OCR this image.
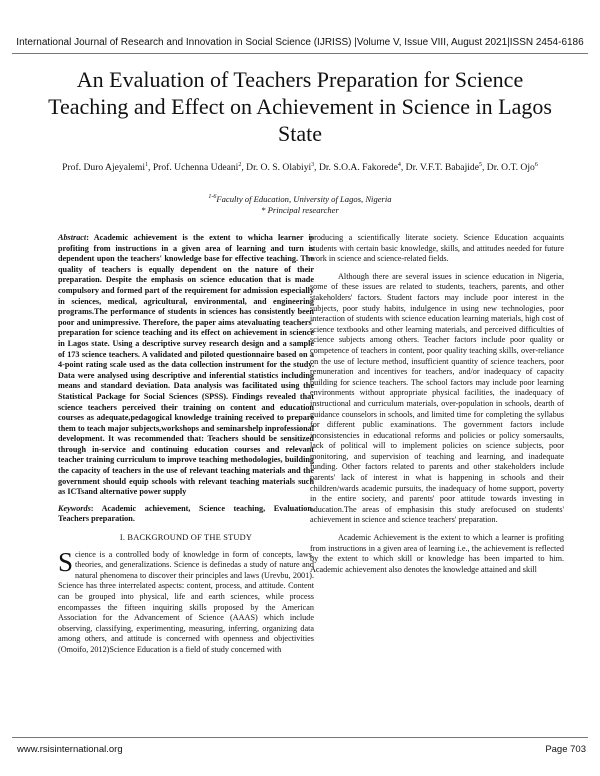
International Journal of Research and Innovation in Social Science (IJRISS) |Volume V, Issue VIII, August 2021|ISSN 2454-6186
An Evaluation of Teachers Preparation for Science Teaching and Effect on Achievement in Science in Lagos State
Prof. Duro Ajeyalemi$^1$, Prof. Uchenna Udeani$^2$, Dr. O. S. Olabiyi$^3$, Dr. S.O.A. Fakorede$^4$, Dr. V.F.T. Babajide$^5$, Dr. O.T. Ojo$^6$
$^{1-6}$Faculty of Education, University of Lagos, Nigeria
* Principal researcher

Abstract: Academic achievement is the extent to whicha learner is profiting from instructions in a given area of learning and turn is dependent upon the teachers' knowledge base for effective teaching. The quality of teachers is equally dependent on the nature of their preparation. Despite the emphasis on science education that is made compulsory and formed part of the requirement for admission especially in sciences, medical, agricultural, environmental, and engineering programs.The performance of students in sciences has consistently been poor and unimpressive. Therefore, the paper aims atevaluating teachers' preparation for science teaching and its effect on achievement in science in Lagos state. Using a descriptive survey research design and a sample of 173 science teachers. A validated and piloted questionnaire based on a 4-point rating scale used as the data collection instrument for the study. Data were analysed using descriptive and inferential statistics including means and standard deviation. Data analysis was facilitated using the Statistical Package for Social Sciences (SPSS). Findings revealed that science teachers perceived their training on content and education courses as adequate,pedagogical knowledge training received to prepare them to teach major subjects,workshops and seminarshelp inprofessional development. It was recommended that: Teachers should be sensitized through in-service and continuing education courses and relevant teacher training curriculum to improve teaching methodologies, building the capacity of teachers in the use of relevant teaching materials and the government should equip schools with relevant teaching materials such as ICTsand alternative power supply

Keywords: Academic achievement, Science teaching, Evaluation, Teachers preparation.

I. BACKGROUND OF THE STUDY

Science is a controlled body of knowledge in form of concepts, laws, theories, and generalizations. Science is definedas a study of nature and natural phenomena to discover their principles and laws (Urevbu, 2001). Science has three interrelated aspects: content, process, and attitude. Content can be grouped into physical, life and earth sciences, while process encompasses the fifteen inquiring skills proposed by the American Association for the Advancement of Science (AAAS) which include observing, classifying, experimenting, measuring, inferring, organizing data among others, and attitude is concerned with openness and objectivities (Omoifo, 2012)Science Education is a field of study concerned with

producing a scientifically literate society. Science Education acquaints students with certain basic knowledge, skills, and attitudes needed for future work in science and science-related fields.

Although there are several issues in science education in Nigeria, some of these issues are related to students, teachers, parents, and other stakeholders' factors. Student factors may include poor interest in the subjects, poor study habits, indulgence in using new technologies, poor interaction of students with science education learning materials, high cost of science textbooks and other learning materials, and perceived difficulties of science subjects among others. Teacher factors include poor quality or competence of teachers in content, poor quality teaching skills, over-reliance on the use of lecture method, insufficient quantity of science teachers, poor remuneration and incentives for teachers, and/or inadequacy of capacity building for science teachers. The school factors may include poor learning environments without appropriate physical facilities, the inadequacy of instructional and curriculum materials, over-population in schools, dearth of guidance counselors in schools, and limited time for completing the syllabus for different public examinations. The government factors include inconsistencies in educational reforms and policies or policy somersaults, lack of political will to implement policies on science subjects, poor monitoring, and supervision of teaching and learning, and inadequate funding. Other factors related to parents and other stakeholders include parents' lack of interest in what is happening in schools and their children/wards academic pursuits, the inadequacy of home support, poverty in the entire society, and parents' poor attitude towards investing in education.The areas of emphasisin this study arefocused on students' achievement in science and science teachers' preparation.

Academic Achievement is the extent to which a learner is profiting from instructions in a given area of learning i.e., the achievement is reflected by the extent to which skill or knowledge has been imparted to him. Academic achievement also denotes the knowledge attained and skill

www.rsisinternational.org	Page 703
